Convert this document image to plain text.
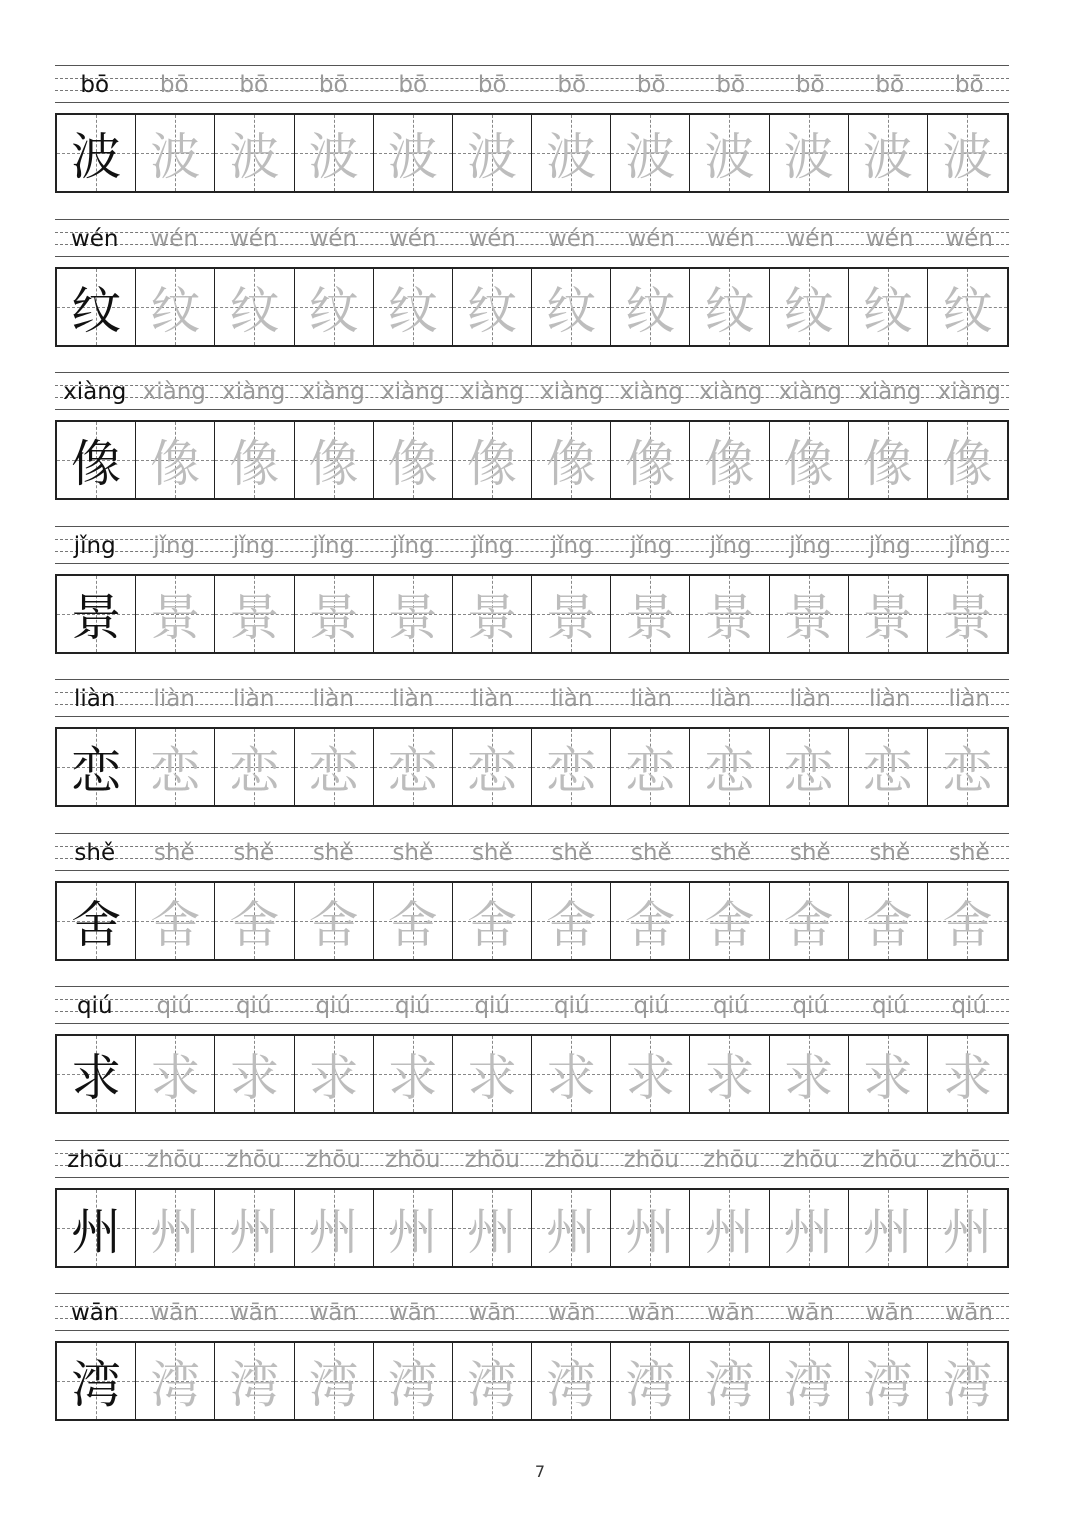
bō	bō	bō	bō	bō	bō	bō	bō	bō	bō	bō	bō
波 波 波 波 波 波 波 波 波 波 波 波
wén	wén	wén	wén	wén	wén	wén	wén	wén	wén	wén	wén
纹 纹 纹 纹 纹 纹 纹 纹 纹 纹 纹 纹
xiàng xiàng xiàng xiàng xiàng xiàng xiàng xiàng xiàng xiàng xiàng xiàng
像 像 像 像 像 像 像 像 像 像 像 像
jǐng	jǐng	jǐng	jǐng	jǐng	jǐng	jǐng	jǐng	jǐng	jǐng	jǐng	jǐng
景 景 景 景 景 景 景 景 景 景 景 景
liàn	liàn	liàn	liàn	liàn	liàn	liàn	liàn	liàn	liàn	liàn	liàn
恋 恋 恋 恋 恋 恋 恋 恋 恋 恋 恋 恋
shě	shě	shě	shě	shě	shě	shě	shě	shě	shě	shě	shě
舍 舍 舍 舍 舍 舍 舍 舍 舍 舍 舍 舍
qiú	qiú	qiú	qiú	qiú	qiú	qiú	qiú	qiú	qiú	qiú	qiú
求 求 求 求 求 求 求 求 求 求 求 求
zhōu	zhōu	zhōu	zhōu	zhōu	zhōu	zhōu	zhōu	zhōu	zhōu	zhōu	zhōu
州 州 州 州 州 州 州 州 州 州 州 州
wān	wān	wān	wān	wān	wān	wān	wān	wān	wān	wān	wān
湾 湾 湾 湾 湾 湾 湾 湾 湾 湾 湾 湾
7
